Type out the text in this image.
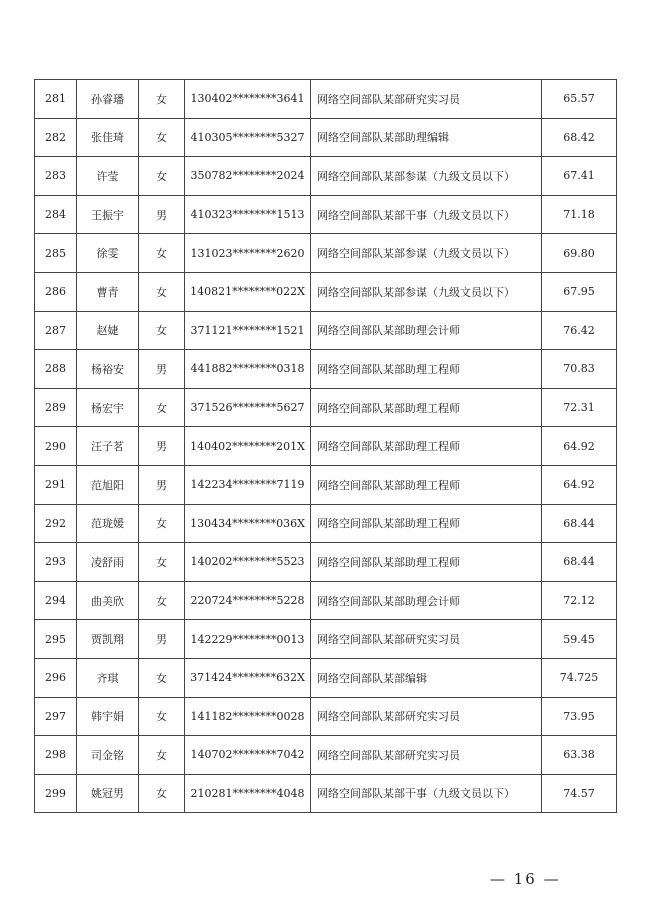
281	孙睿璠	女	130402********3641	网络空间部队某部研究实习员	65.57
282	张佳琦	女	410305********5327	网络空间部队某部助理编辑	68.42
283	许莹	女	350782********2024	网络空间部队某部参谋（九级文员以下）	67.41
284	王振宇	男	410323********1513	网络空间部队某部干事（九级文员以下）	71.18
285	徐雯	女	131023********2620	网络空间部队某部参谋（九级文员以下）	69.80
286	曹青	女	140821********022X	网络空间部队某部参谋（九级文员以下）	67.95
287	赵婕	女	371121********1521	网络空间部队某部助理会计师	76.42
288	杨裕安	男	441882********0318	网络空间部队某部助理工程师	70.83
289	杨宏宇	女	371526********5627	网络空间部队某部助理工程师	72.31
290	汪子茗	男	140402********201X	网络空间部队某部助理工程师	64.92
291	范旭阳	男	142234********7119	网络空间部队某部助理工程师	64.92
292	范珑媛	女	130434********036X	网络空间部队某部助理工程师	68.44
293	凌舒雨	女	140202********5523	网络空间部队某部助理工程师	68.44
294	曲美欣	女	220724********5228	网络空间部队某部助理会计师	72.12
295	贾凯翔	男	142229********0013	网络空间部队某部研究实习员	59.45
296	齐琪	女	371424********632X	网络空间部队某部编辑	74.725
297	韩宇娟	女	141182********0028	网络空间部队某部研究实习员	73.95
298	司金铭	女	140702********7042	网络空间部队某部研究实习员	63.38
299	姚冠男	女	210281********4048	网络空间部队某部干事（九级文员以下）	74.57
— 16 —
